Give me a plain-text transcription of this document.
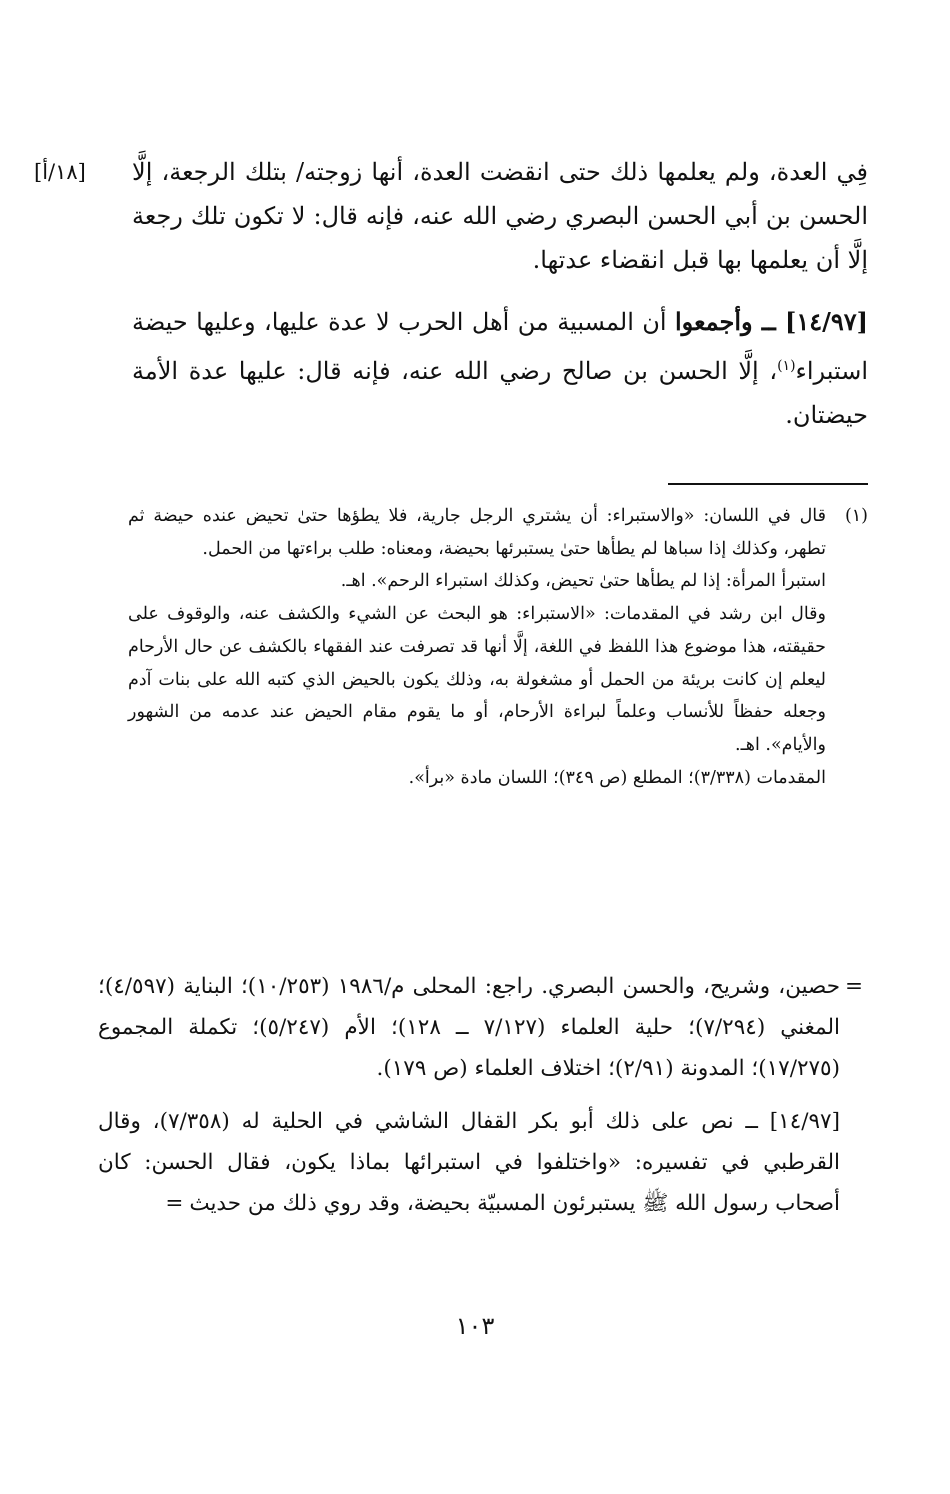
[١٨/أ] فِي العدة، ولم يعلمها ذلك حتى انقضت العدة، أنها زوجته/ بتلك الرجعة، إلَّا الحسن بن أبي الحسن البصري رضي الله عنه، فإنه قال: لا تكون تلك رجعة إلَّا أن يعلمها بها قبل انقضاء عدتها.

[١٤/٩٧] ــ وأجمعوا أن المسبية من أهل الحرب لا عدة عليها، وعليها حيضة استبراء$^{(١)}$، إلَّا الحسن بن صالح رضي الله عنه، فإنه قال: عليها عدة الأمة حيضتان.

(١)
قال في اللسان: «والاستبراء: أن يشتري الرجل جارية، فلا يطؤها حتىٰ تحيض عنده حيضة ثم تطهر، وكذلك إذا سباها لم يطأها حتىٰ يستبرئها بحيضة، ومعناه: طلب براءتها من الحمل.
استبرأ المرأة: إذا لم يطأها حتىٰ تحيض، وكذلك استبراء الرحم». اهـ.
وقال ابن رشد في المقدمات: «الاستبراء: هو البحث عن الشيء والكشف عنه، والوقوف على حقيقته، هذا موضوع هذا اللفظ في اللغة، إلَّا أنها قد تصرفت عند الفقهاء بالكشف عن حال الأرحام ليعلم إن كانت بريئة من الحمل أو مشغولة به، وذلك يكون بالحيض الذي كتبه الله على بنات آدم وجعله حفظاً للأنساب وعلماً لبراءة الأرحام، أو ما يقوم مقام الحيض عند عدمه من الشهور والأيام». اهـ.
المقدمات (٣/٣٣٨)؛ المطلع (ص ٣٤٩)؛ اللسان مادة «برأ».
=

حصين، وشريح، والحسن البصري. راجع: المحلى م/١٩٨٦ (١٠/٢٥٣)؛ البناية (٤/٥٩٧)؛ المغني (٧/٢٩٤)؛ حلية العلماء (٧/١٢٧ ــ ١٢٨)؛ الأم (٥/٢٤٧)؛ تكملة المجموع (١٧/٢٧٥)؛ المدونة (٢/٩١)؛ اختلاف العلماء (ص ١٧٩).

[١٤/٩٧] ــ نص على ذلك أبو بكر القفال الشاشي في الحلية له (٧/٣٥٨)، وقال القرطبي في تفسيره: «واختلفوا في استبرائها بماذا يكون، فقال الحسن: كان أصحاب رسول الله ﷺ يستبرئون المسبيّة بحيضة، وقد روي ذلك من حديث=

١٠٣
